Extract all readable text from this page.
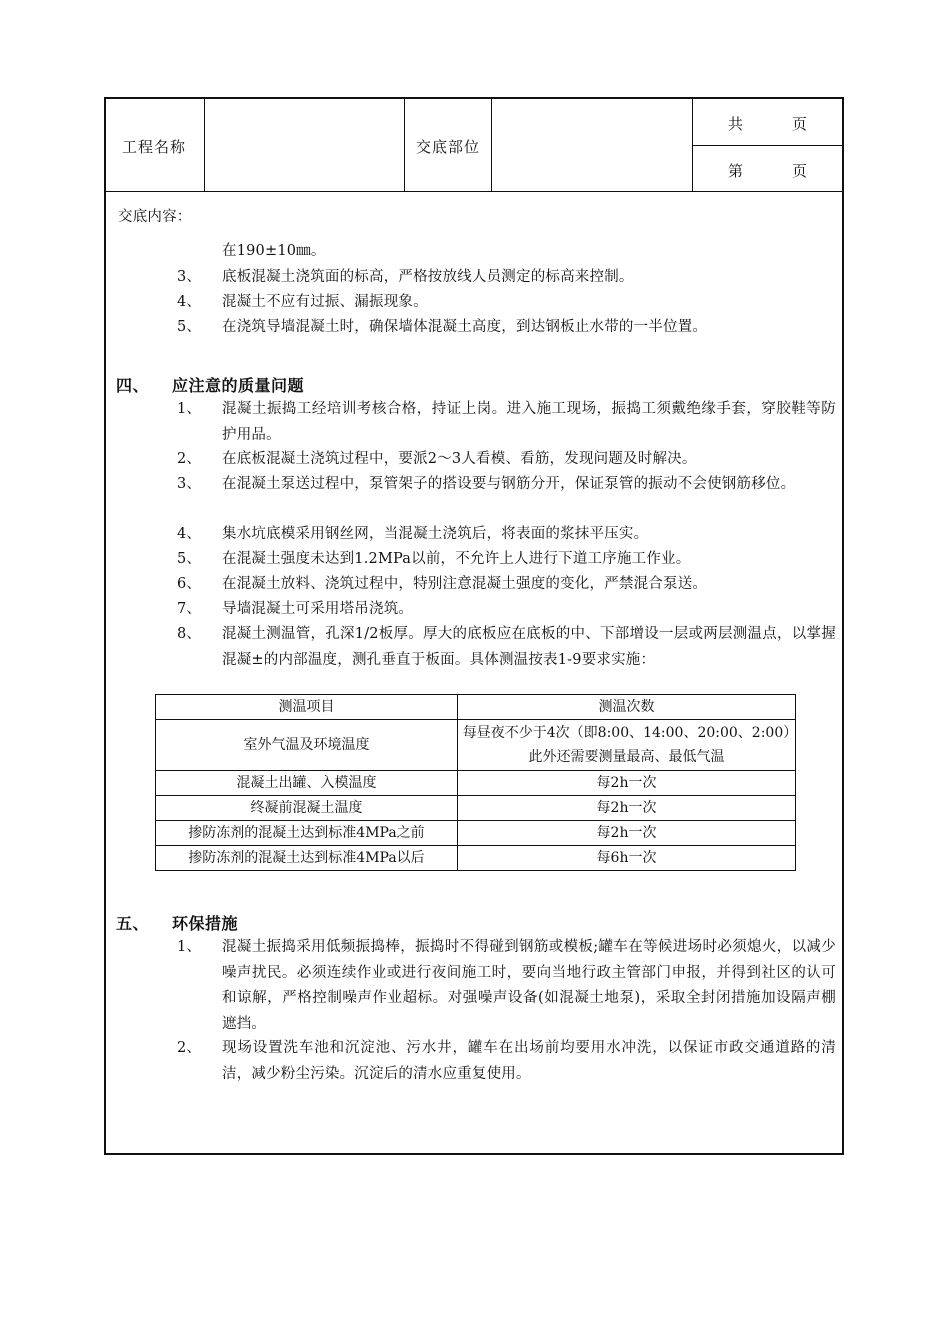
工程名称	交底部位
共　　　页
第　　　页
交底内容：
在190±10㎜。
3、 底板混凝土浇筑面的标高，严格按放线人员测定的标高来控制。
4、 混凝土不应有过振、漏振现象。
5、 在浇筑导墙混凝土时，确保墙体混凝土高度，到达钢板止水带的一半位置。
四、 应注意的质量问题
1、 混凝土振捣工经培训考核合格，持证上岗。进入施工现场，振捣工须戴绝缘手套，穿胶鞋等防护用品。
2、 在底板混凝土浇筑过程中，要派2～3人看模、看筋，发现问题及时解决。
3、 在混凝土泵送过程中，泵管架子的搭设要与钢筋分开，保证泵管的振动不会使钢筋移位。
4、 集水坑底模采用钢丝网，当混凝土浇筑后，将表面的浆抹平压实。
5、 在混凝土强度未达到1.2MPa以前，不允许上人进行下道工序施工作业。
6、 在混凝土放料、浇筑过程中，特别注意混凝土强度的变化，严禁混合泵送。
7、 导墙混凝土可采用塔吊浇筑。
8、 混凝土测温管，孔深1/2板厚。厚大的底板应在底板的中、下部增设一层或两层测温点，以掌握混凝±的内部温度，测孔垂直于板面。具体测温按表1-9要求实施：
测温项目	测温次数
室外气温及环境温度	每昼夜不少于4次（即8:00、14:00、20:00、2:00）此外还需要测量最高、最低气温
混凝土出罐、入模温度	每2h一次
终凝前混凝土温度	每2h一次
掺防冻剂的混凝土达到标准4MPa之前	每2h一次
掺防冻剂的混凝土达到标准4MPa以后	每6h一次
五、 环保措施
1、 混凝土振捣采用低频振捣棒，振捣时不得碰到钢筋或模板;罐车在等候进场时必须熄火，以减少噪声扰民。必须连续作业或进行夜间施工时，要向当地行政主管部门申报，并得到社区的认可和谅解，严格控制噪声作业超标。对强噪声设备(如混凝土地泵)，采取全封闭措施加设隔声棚遮挡。
2、 现场设置洗车池和沉淀池、污水井，罐车在出场前均要用水冲洗，以保证市政交通道路的清洁，减少粉尘污染。沉淀后的清水应重复使用。
